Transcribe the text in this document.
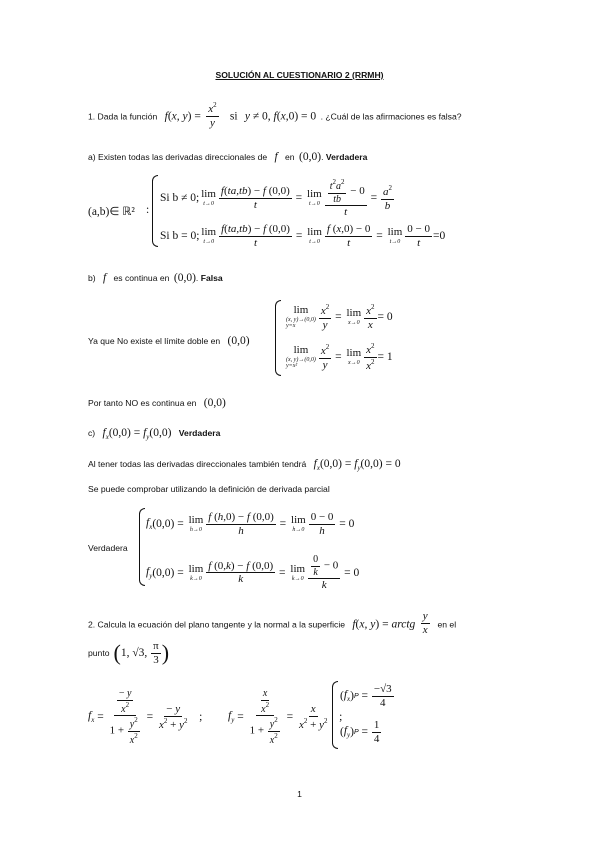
SOLUCIÓN AL CUESTIONARIO 2 (RRMH)
1. Dada la función  f(x, $y) = \frac{x^2}{y}$ si  y ≠ 0, f(x,0) = 0 . ¿Cuál de las afirmaciones es falsa?
a) Existen todas las derivadas direccionales de  f  en (0,0). Verdadera
(a,b)∈ ℝ² :
Si b ≠ 0; lim
$t\to 0 \frac{f(ta,tb) - f (0,0)}{t} = \lim$
$t\to 0 \frac{\frac{t^2a^2}{tb} - 0}{t} = \frac{a^2}{b}$
Si b = 0; lim
$t\to 0 \frac{f(ta,tb) - f (0,0)}{t} = \lim$
$t\to 0 \frac{f (x,0) - 0}{t} = \lim$
$t\to 0 \frac{0 - 0}{t} =0$
b)  f  es continua en (0,0). Falsa
Ya que No existe el límite doble en  (0,0)
lim
(x, y)→(0,0)
y=x	$\frac{x^2}{y} = \lim$
$x\to 0 \frac{x^2}{x} = 0$
lim
(x, y)→(0,0)
y=x²	$\frac{x^2}{y} = \lim$
$x\to 0 \frac{x^2}{x^2} = 1$
Por tanto NO es continua en  (0,0)
c)  $f_x(0,0) = f_y(0,0)$  Verdadera
Al tener todas las derivadas direccionales también tendrá  $f_x(0,0) = f_y(0,0) = 0$
Se puede comprobar utilizando la definición de derivada parcial
Verdadera
$f_x$ (0,0) = lim
$h\to 0 \frac{f (h,0) - f (0,0)}{h} = \lim$
$h\to 0 \frac{0 - 0}{h} = 0$
$f_y$ (0,0) = lim
$k\to 0 \frac{f (0,k) - f (0,0)}{k} = \lim$
$k\to 0 \frac{\frac{0}{k} - 0}{k} = 0$
2. Calcula la ecuación del plano tangente y la normal a la superficie  f(x, y) = arctg $\frac{y}{x}$ en el
punto ( 1, √3, $\frac{\pi}{3}$ )
$f_x = \frac{\frac{- y}{x^2}}{1 + \frac{y^2}{x^2}} = \frac{- y}{x^2 + y^2}$ ; $f_y = \frac{\frac{x}{x^2}}{1 + \frac{y^2}{x^2}} = \frac{x}{x^2 + y^2}$ ;
( $f_x$ ) $P = \frac{-√3}{4}$
( $f_y$ ) $P = \frac{1}{4}$
1
